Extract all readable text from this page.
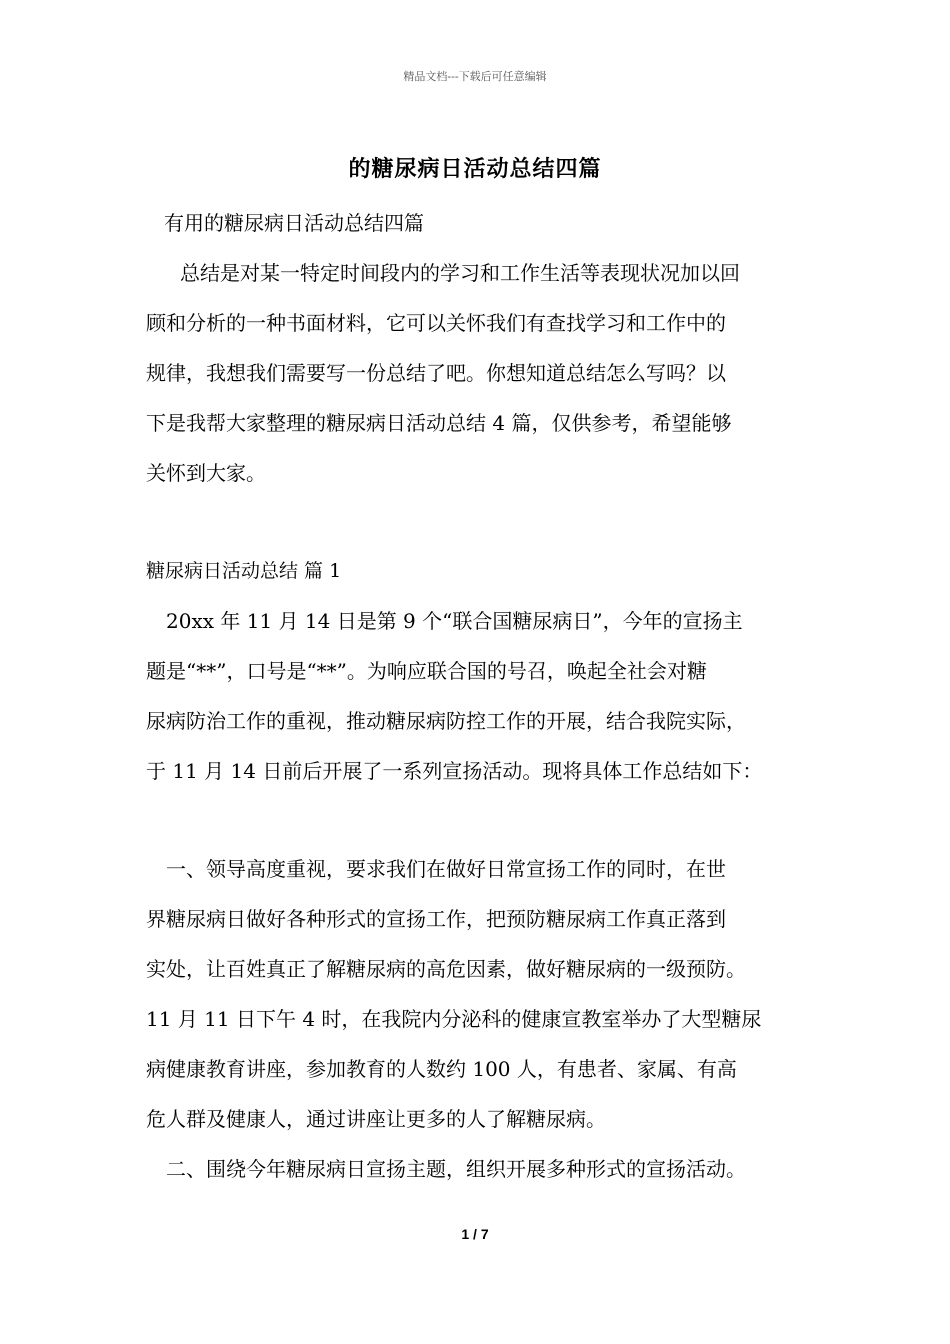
精品文档---下载后可任意编辑
的糖尿病日活动总结四篇
有用的糖尿病日活动总结四篇
总结是对某一特定时间段内的学习和工作生活等表现状况加以回
顾和分析的一种书面材料，它可以关怀我们有查找学习和工作中的
规律，我想我们需要写一份总结了吧。你想知道总结怎么写吗？以
下是我帮大家整理的糖尿病日活动总结 4 篇，仅供参考，希望能够
关怀到大家。
糖尿病日活动总结 篇 1
20xx 年 11 月 14 日是第 9 个“联合国糖尿病日”，今年的宣扬主
题是“**”，口号是“**”。为响应联合国的号召，唤起全社会对糖
尿病防治工作的重视，推动糖尿病防控工作的开展，结合我院实际，
于 11 月 14 日前后开展了一系列宣扬活动。现将具体工作总结如下：
一、领导高度重视，要求我们在做好日常宣扬工作的同时，在世
界糖尿病日做好各种形式的宣扬工作，把预防糖尿病工作真正落到
实处，让百姓真正了解糖尿病的高危因素，做好糖尿病的一级预防。
11 月 11 日下午 4 时，在我院内分泌科的健康宣教室举办了大型糖尿
病健康教育讲座，参加教育的人数约 100 人，有患者、家属、有高
危人群及健康人，通过讲座让更多的人了解糖尿病。
二、围绕今年糖尿病日宣扬主题，组织开展多种形式的宣扬活动。
1 / 7
